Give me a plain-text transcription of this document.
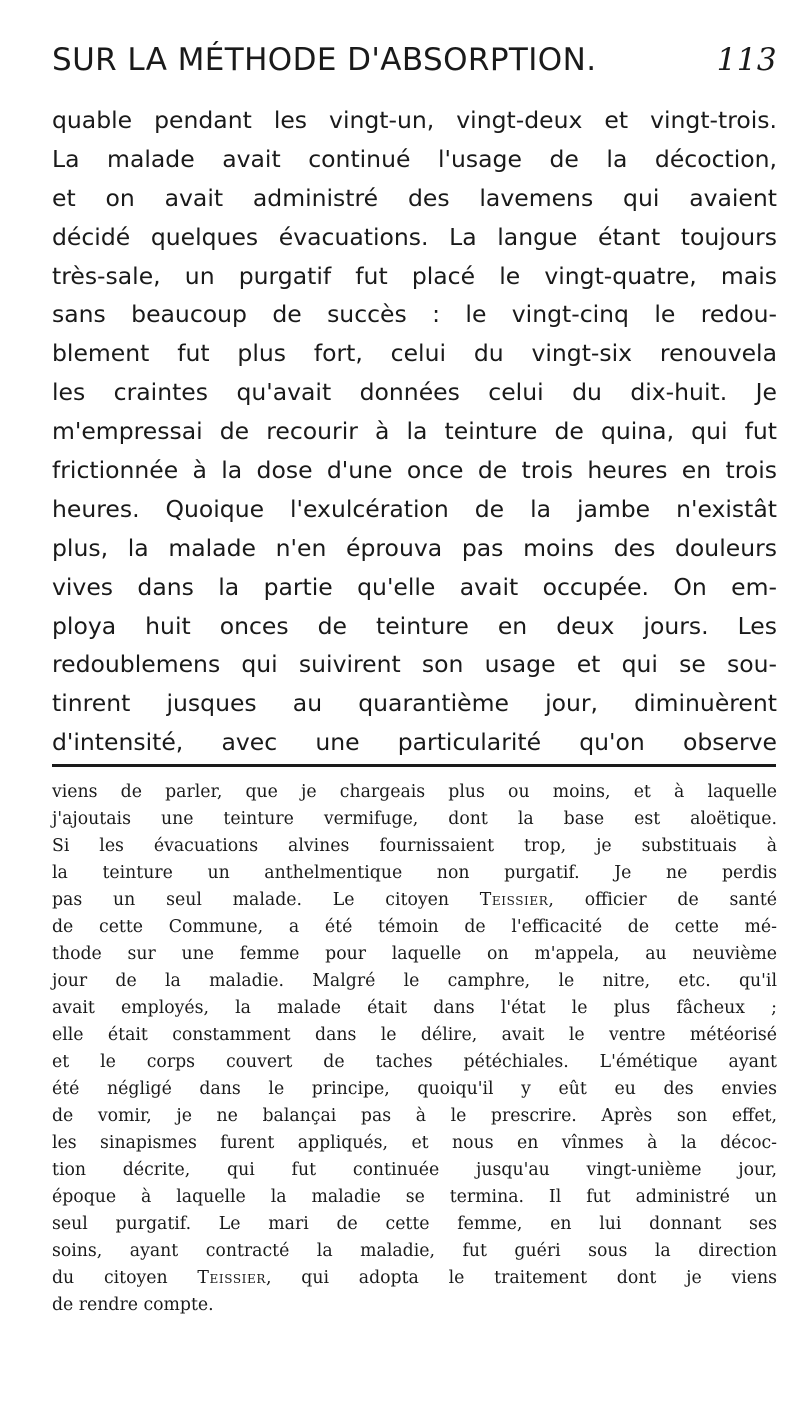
SUR LA MÉTHODE D'ABSORPTION.	113
quable pendant les vingt-un, vingt-deux et vingt-trois.
La malade avait continué l'usage de la décoction,
et on avait administré des lavemens qui avaient
décidé quelques évacuations. La langue étant toujours
très-sale, un purgatif fut placé le vingt-quatre, mais
sans beaucoup de succès : le vingt-cinq le redou-
blement fut plus fort, celui du vingt-six renouvela
les craintes qu'avait données celui du dix-huit. Je
m'empressai de recourir à la teinture de quina, qui fut
frictionnée à la dose d'une once de trois heures en trois
heures. Quoique l'exulcération de la jambe n'existât
plus, la malade n'en éprouva pas moins des douleurs
vives dans la partie qu'elle avait occupée. On em-
ploya huit onces de teinture en deux jours. Les
redoublemens qui suivirent son usage et qui se sou-
tinrent jusques au quarantième jour, diminuèrent
d'intensité, avec une particularité qu'on observe
viens de parler, que je chargeais plus ou moins, et à laquelle
j'ajoutais une teinture vermifuge, dont la base est aloëtique.
Si les évacuations alvines fournissaient trop, je substituais à
la teinture un anthelmentique non purgatif. Je ne perdis
pas un seul malade. Le citoyen Teissier, officier de santé
de cette Commune, a été témoin de l'efficacité de cette mé-
thode sur une femme pour laquelle on m'appela, au neuvième
jour de la maladie. Malgré le camphre, le nitre, etc. qu'il
avait employés, la malade était dans l'état le plus fâcheux ;
elle était constamment dans le délire, avait le ventre météorisé
et le corps couvert de taches pétéchiales. L'émétique ayant
été négligé dans le principe, quoiqu'il y eût eu des envies
de vomir, je ne balançai pas à le prescrire. Après son effet,
les sinapismes furent appliqués, et nous en vînmes à la décoc-
tion décrite, qui fut continuée jusqu'au vingt-unième jour,
époque à laquelle la maladie se termina. Il fut administré un
seul purgatif. Le mari de cette femme, en lui donnant ses
soins, ayant contracté la maladie, fut guéri sous la direction
du citoyen Teissier, qui adopta le traitement dont je viens
de rendre compte.
